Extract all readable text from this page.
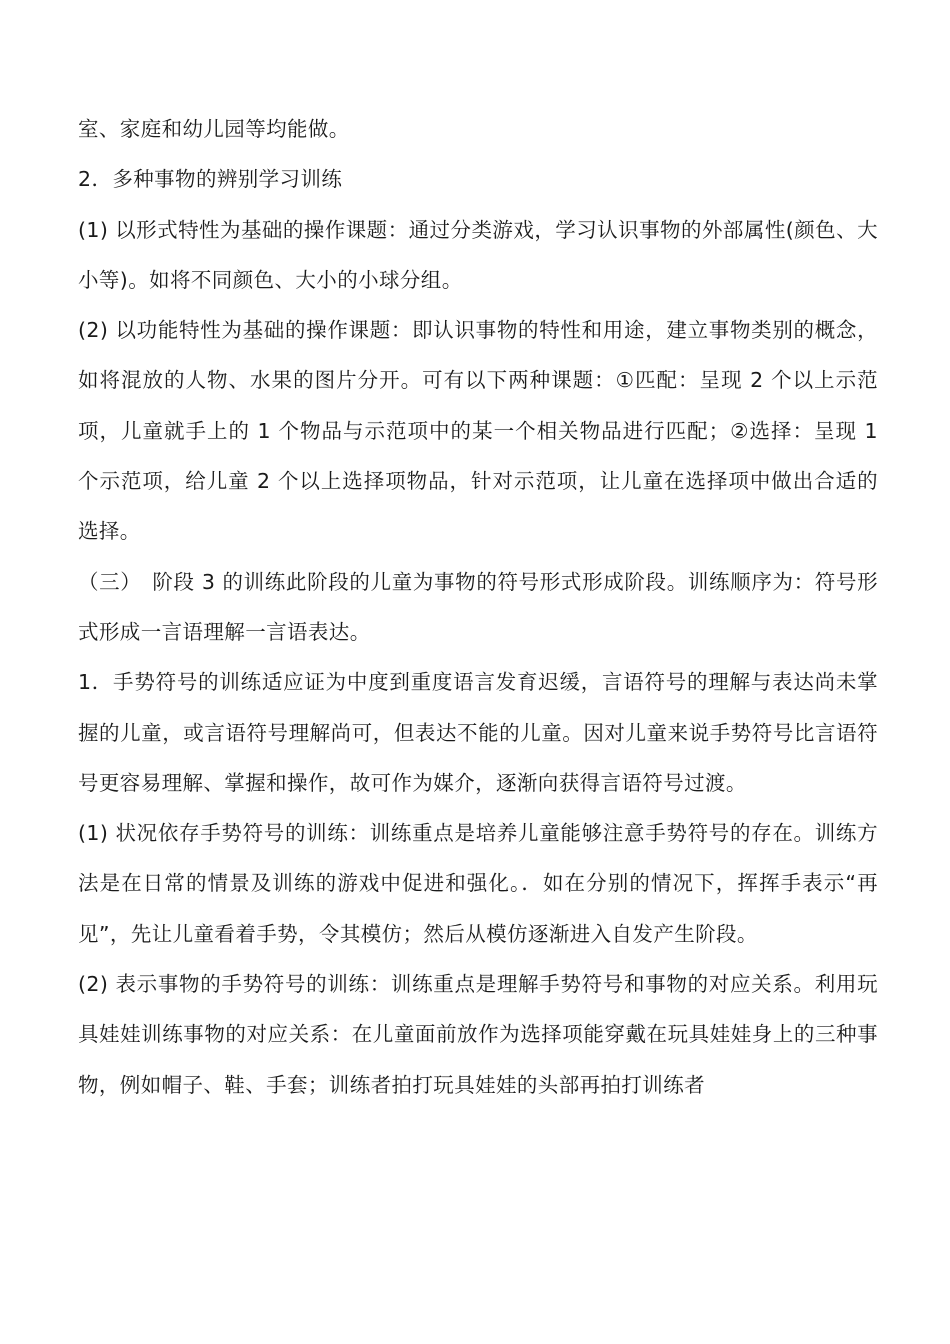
室、家庭和幼儿园等均能做。

2．多种事物的辨别学习训练

(1) 以形式特性为基础的操作课题：通过分类游戏，学习认识事物的外部属性(颜色、大小等)。如将不同颜色、大小的小球分组。

(2) 以功能特性为基础的操作课题：即认识事物的特性和用途，建立事物类别的概念，如将混放的人物、水果的图片分开。可有以下两种课题：①匹配：呈现 2 个以上示范项，儿童就手上的 1 个物品与示范项中的某一个相关物品进行匹配；②选择：呈现 1 个示范项，给儿童 2 个以上选择项物品，针对示范项，让儿童在选择项中做出合适的选择。

（三）　阶段 3 的训练此阶段的儿童为事物的符号形式形成阶段。训练顺序为：符号形式形成一言语理解一言语表达。

1．手势符号的训练适应证为中度到重度语言发育迟缓，言语符号的理解与表达尚未掌握的儿童，或言语符号理解尚可，但表达不能的儿童。因对儿童来说手势符号比言语符号更容易理解、掌握和操作，故可作为媒介，逐渐向获得言语符号过渡。

(1) 状况依存手势符号的训练：训练重点是培养儿童能够注意手势符号的存在。训练方法是在日常的情景及训练的游戏中促进和强化。．如在分别的情况下，挥挥手表示“再见”，先让儿童看着手势，令其模仿；然后从模仿逐渐进入自发产生阶段。

(2) 表示事物的手势符号的训练：训练重点是理解手势符号和事物的对应关系。利用玩具娃娃训练事物的对应关系：在儿童面前放作为选择项能穿戴在玩具娃娃身上的三种事物，例如帽子、鞋、手套；训练者拍打玩具娃娃的头部再拍打训练者
